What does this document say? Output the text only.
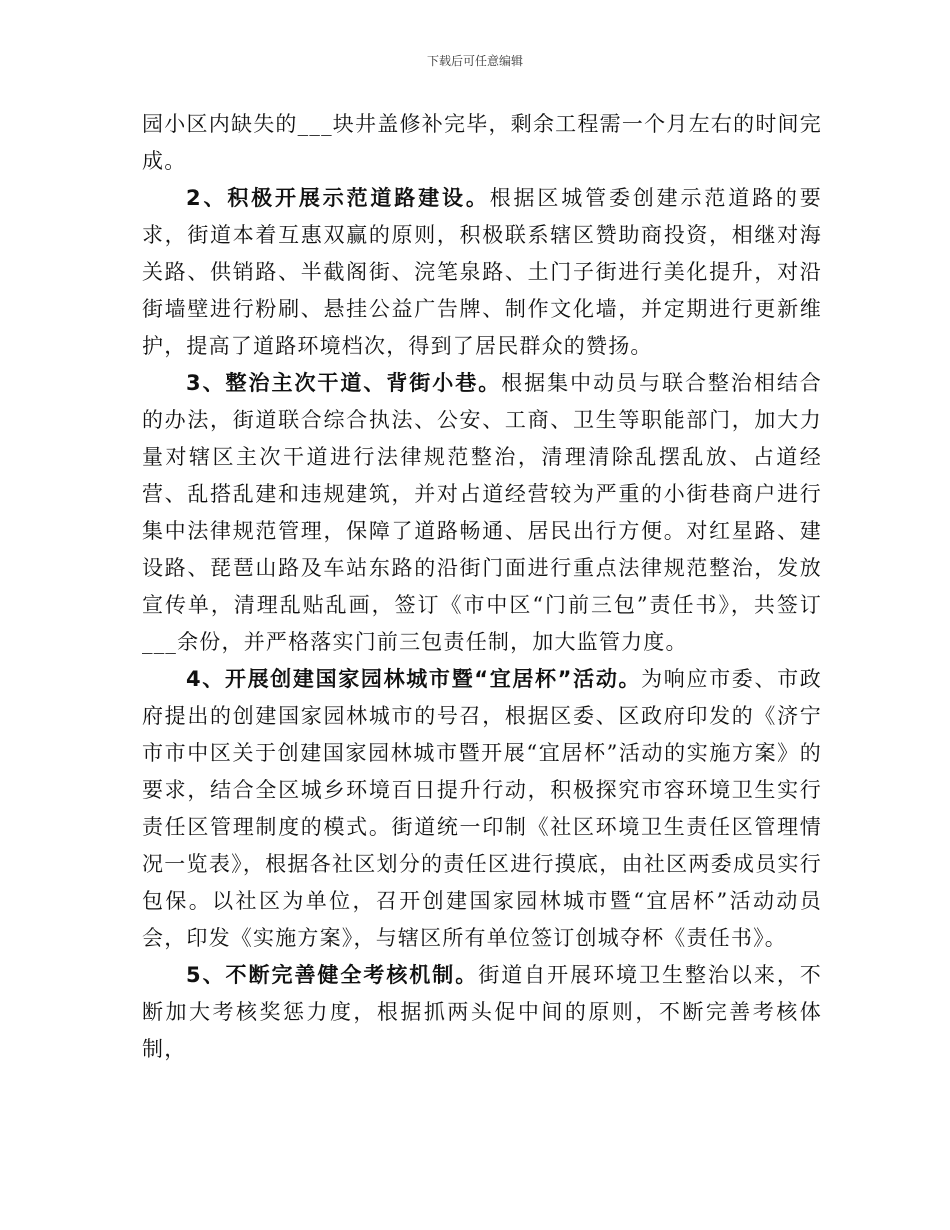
下载后可任意编辑

园小区内缺失的___块井盖修补完毕，剩余工程需一个月左右的时间完成。

2、积极开展示范道路建设。根据区城管委创建示范道路的要求，街道本着互惠双赢的原则，积极联系辖区赞助商投资，相继对海关路、供销路、半截阁街、浣笔泉路、土门子街进行美化提升，对沿街墙壁进行粉刷、悬挂公益广告牌、制作文化墙，并定期进行更新维护，提高了道路环境档次，得到了居民群众的赞扬。

3、整治主次干道、背街小巷。根据集中动员与联合整治相结合的办法，街道联合综合执法、公安、工商、卫生等职能部门，加大力量对辖区主次干道进行法律规范整治，清理清除乱摆乱放、占道经营、乱搭乱建和违规建筑，并对占道经营较为严重的小街巷商户进行集中法律规范管理，保障了道路畅通、居民出行方便。对红星路、建设路、琵琶山路及车站东路的沿街门面进行重点法律规范整治，发放宣传单，清理乱贴乱画，签订《市中区“门前三包”责任书》，共签订___余份，并严格落实门前三包责任制，加大监管力度。

4、开展创建国家园林城市暨“宜居杯”活动。为响应市委、市政府提出的创建国家园林城市的号召，根据区委、区政府印发的《济宁市市中区关于创建国家园林城市暨开展“宜居杯”活动的实施方案》的要求，结合全区城乡环境百日提升行动，积极探究市容环境卫生实行责任区管理制度的模式。街道统一印制《社区环境卫生责任区管理情况一览表》，根据各社区划分的责任区进行摸底，由社区两委成员实行包保。以社区为单位，召开创建国家园林城市暨“宜居杯”活动动员会，印发《实施方案》，与辖区所有单位签订创城夺杯《责任书》。

5、不断完善健全考核机制。街道自开展环境卫生整治以来，不断加大考核奖惩力度，根据抓两头促中间的原则，不断完善考核体制，
